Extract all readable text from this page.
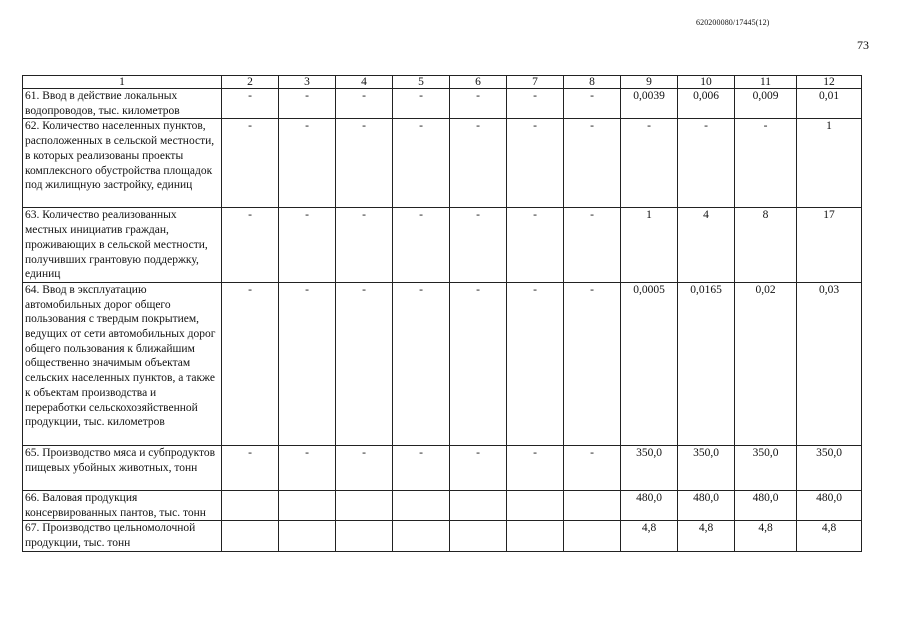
620200080/17445(12)
73
1	2	3	4	5	6	7	8	9	10	11	12
61. Ввод в действие локальных водопроводов, тыс. километров	-	-	-	-	-	-	-	0,0039	0,006	0,009	0,01
62. Количество населенных пунктов, расположенных в сельской местности, в которых реализованы проекты комплексного обустройства площадок под жилищную застройку, единиц	-	-	-	-	-	-	-	-	-	-	1
63. Количество реализованных местных инициатив граждан, проживающих в сельской местности, получивших грантовую поддержку, единиц	-	-	-	-	-	-	-	1	4	8	17
64. Ввод в эксплуатацию автомобильных дорог общего пользования с твердым покрытием, ведущих от сети автомобильных дорог общего пользования к ближайшим общественно значимым объектам сельских населенных пунктов, а также к объектам производства и переработки сельскохозяйственной продукции, тыс. километров	-	-	-	-	-	-	-	0,0005	0,0165	0,02	0,03
65. Производство мяса и субпродуктов пищевых убойных животных, тонн	-	-	-	-	-	-	-	350,0	350,0	350,0	350,0
66. Валовая продукция консервированных пантов, тыс. тонн								480,0	480,0	480,0	480,0
67. Производство цельномолочной продукции, тыс. тонн								4,8	4,8	4,8	4,8
